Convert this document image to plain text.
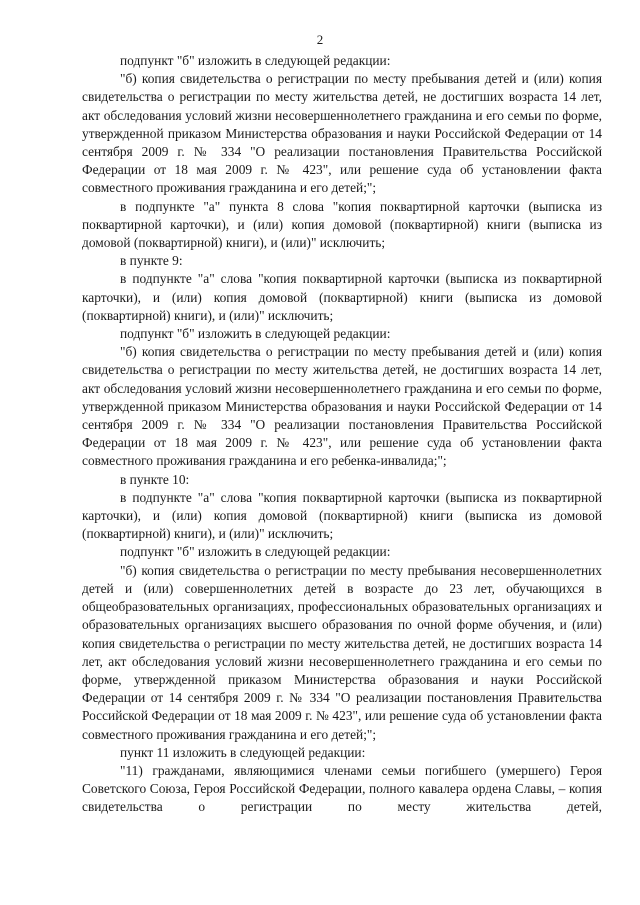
2

подпункт "б" изложить в следующей редакции:

"б) копия свидетельства о регистрации по месту пребывания детей и (или) копия свидетельства о регистрации по месту жительства детей, не достигших возраста 14 лет, акт обследования условий жизни несовершеннолетнего гражданина и его семьи по форме, утвержденной приказом Министерства образования и науки Российской Федерации от 14 сентября 2009 г. № 334 "О реализации постановления Правительства Российской Федерации от 18 мая 2009 г. № 423", или решение суда об установлении факта совместного проживания гражданина и его детей;";

в подпункте "а" пункта 8 слова "копия поквартирной карточки (выписка из поквартирной карточки), и (или) копия домовой (поквартирной) книги (выписка из домовой (поквартирной) книги), и (или)" исключить;

в пункте 9:

в подпункте "а" слова "копия поквартирной карточки (выписка из поквартирной карточки), и (или) копия домовой (поквартирной) книги (выписка из домовой (поквартирной) книги), и (или)" исключить;

подпункт "б" изложить в следующей редакции:

"б) копия свидетельства о регистрации по месту пребывания детей и (или) копия свидетельства о регистрации по месту жительства детей, не достигших возраста 14 лет, акт обследования условий жизни несовершеннолетнего гражданина и его семьи по форме, утвержденной приказом Министерства образования и науки Российской Федерации от 14 сентября 2009 г. № 334 "О реализации постановления Правительства Российской Федерации от 18 мая 2009 г. № 423", или решение суда об установлении факта совместного проживания гражданина и его ребенка-инвалида;";

в пункте 10:

в подпункте "а" слова "копия поквартирной карточки (выписка из поквартирной карточки), и (или) копия домовой (поквартирной) книги (выписка из домовой (поквартирной) книги), и (или)" исключить;

подпункт "б" изложить в следующей редакции:

"б) копия свидетельства о регистрации по месту пребывания несовершеннолетних детей и (или) совершеннолетних детей в возрасте до 23 лет, обучающихся в общеобразовательных организациях, профессиональных образовательных организациях и образовательных организациях высшего образования по очной форме обучения, и (или) копия свидетельства о регистрации по месту жительства детей, не достигших возраста 14 лет, акт обследования условий жизни несовершеннолетнего гражданина и его семьи по форме, утвержденной приказом Министерства образования и науки Российской Федерации от 14 сентября 2009 г. № 334 "О реализации постановления Правительства Российской Федерации от 18 мая 2009 г. № 423", или решение суда об установлении факта совместного проживания гражданина и его детей;";

пункт 11 изложить в следующей редакции:

"11) гражданами, являющимися членами семьи погибшего (умершего) Героя Советского Союза, Героя Российской Федерации, полного кавалера ордена Славы, – копия свидетельства о регистрации по месту жительства детей,
